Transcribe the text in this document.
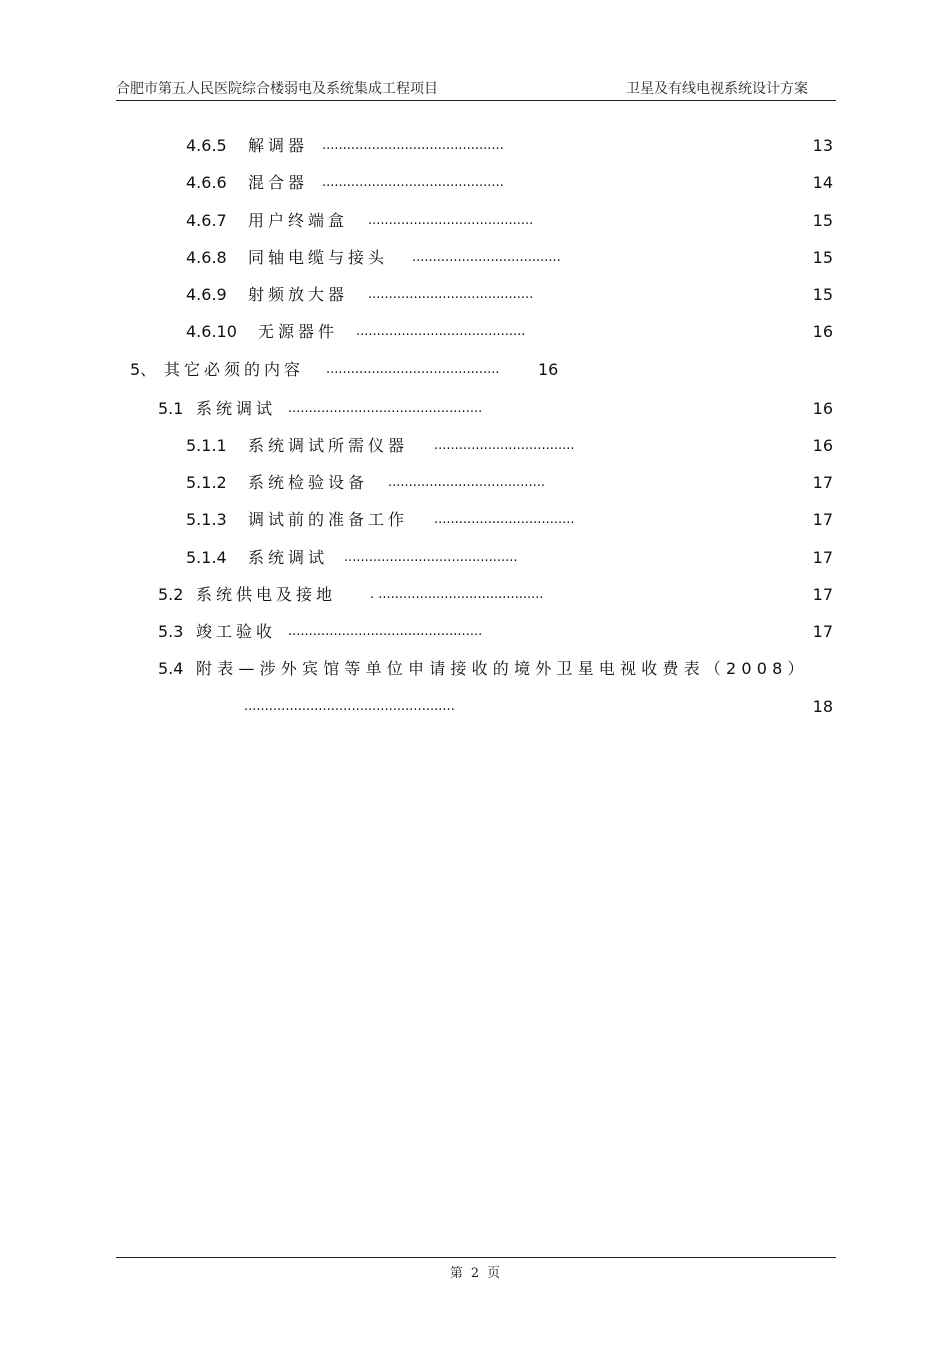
合肥市第五人民医院综合楼弱电及系统集成工程项目	卫星及有线电视系统设计方案
4.6.5 解调器 ............................................	13
4.6.6 混合器 ............................................	14
4.6.7 用户终端盒 ........................................	15
4.6.8 同轴电缆与接头 ....................................	15
4.6.9 射频放大器 ........................................	15
4.6.10 无源器件 .........................................	16
5、 其它必须的内容 .......................................... 16
5.1 系统调试 ...............................................	16
5.1.1 系统调试所需仪器 ..................................	16
5.1.2 系统检验设备 ......................................	17
5.1.3 调试前的准备工作 ..................................	17
5.1.4 系统调试 ..........................................	17
5.2 系统供电及接地	. ........................................	17
5.3 竣工验收 ...............................................	17
5.4 附表—涉外宾馆等单位申请接收的境外卫星电视收费表（2008）
...................................................	18
第 2 页
